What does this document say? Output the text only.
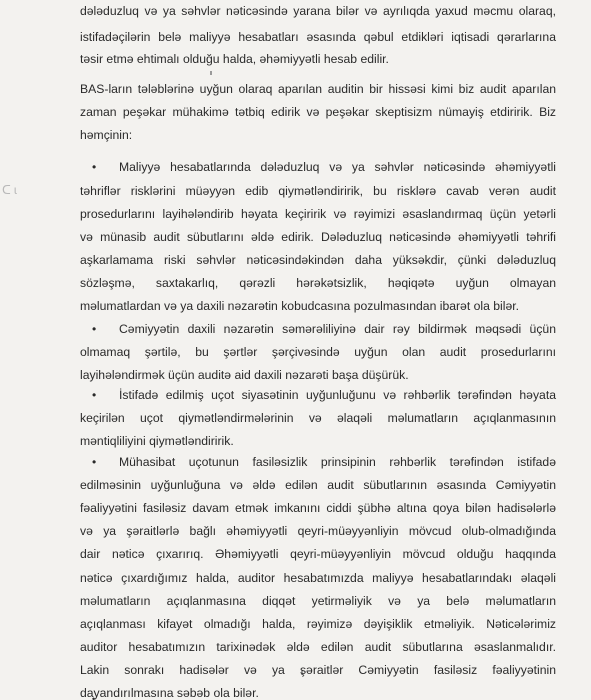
ᑕ ɩ
dələduzluq və ya səhvlər nəticəsində yarana bilər və ayrılıqda yaxud məcmu olaraq,
istifadəçilərin belə maliyyə hesabatları əsasında qəbul etdikləri iqtisadi qərarlarına
təsir etmə ehtimalı olduğu halda, əhəmiyyətli hesab edilir.
BAS-ların tələblərinə uyğun olaraq aparılan auditin bir hissəsi kimi biz audit aparılan
zaman peşəkar mühakimə tətbiq edirik və peşəkar skeptisizm nümayiş etdiririk. Biz
həmçinin:
• Maliyyə hesabatlarında dələduzluq və ya səhvlər nəticəsində əhəmiyyətli
təhriflər risklərini müəyyən edib qiymətləndiririk, bu risklərə cavab verən audit
prosedurlarını layihələndirib həyata keçiririk və rəyimizi əsaslandırmaq üçün yetərli
və münasib audit sübutlarını əldə edirik. Dələduzluq nəticəsində əhəmiyyətli təhrifi
aşkarlamama riski səhvlər nəticəsindəkindən daha yüksəkdir, çünki dələduzluq
sözləşmə, saxtakarlıq, qərəzli hərəkətsizlik, həqiqətə uyğun olmayan
məlumatlardan və ya daxili nəzarətin kobudcasına pozulmasından ibarət ola bilər.
• Cəmiyyətin daxili nəzarətin səmərəliliyinə dair rəy bildirmək məqsədi üçün
olmamaq şərtilə, bu şərtlər şərçivəsində uyğun olan audit prosedurlarını
layihələndirmək üçün auditə aid daxili nəzarəti başa düşürük.
• İstifadə edilmiş uçot siyasətinin uyğunluğunu və rəhbərlik tərəfindən həyata
keçirilən uçot qiymətləndirmələrinin və əlaqəli məlumatların açıqlanmasının
məntiqliliyini qiymətləndiririk.
• Mühasibat uçotunun fasiləsizlik prinsipinin rəhbərlik tərəfindən istifadə
edilməsinin uyğunluğuna və əldə edilən audit sübutlarının əsasında Cəmiyyətin
fəaliyyətini fasiləsiz davam etmək imkanını ciddi şübhə altına qoya bilən hadisələrlə
və ya şəraitlərlə bağlı əhəmiyyətli qeyri-müəyyənliyin mövcud olub-olmadığında
dair nəticə çıxarırıq. Əhəmiyyətli qeyri-müəyyənliyin mövcud olduğu haqqında
nəticə çıxardığımız halda, auditor hesabatımızda maliyyə hesabatlarındakı əlaqəli
məlumatların açıqlanmasına diqqət yetirməliyik və ya belə məlumatların
açıqlanması kifayət olmadığı halda, rəyimizə dəyişiklik etməliyik. Nəticələrimiz
auditor hesabatımızın tarixinədək əldə edilən audit sübutlarına əsaslanmalıdır.
Lakin sonrakı hadisələr və ya şəraitlər Cəmiyyətin fasiləsiz fəaliyyətinin
dayandırılmasına səbəb ola bilər.
